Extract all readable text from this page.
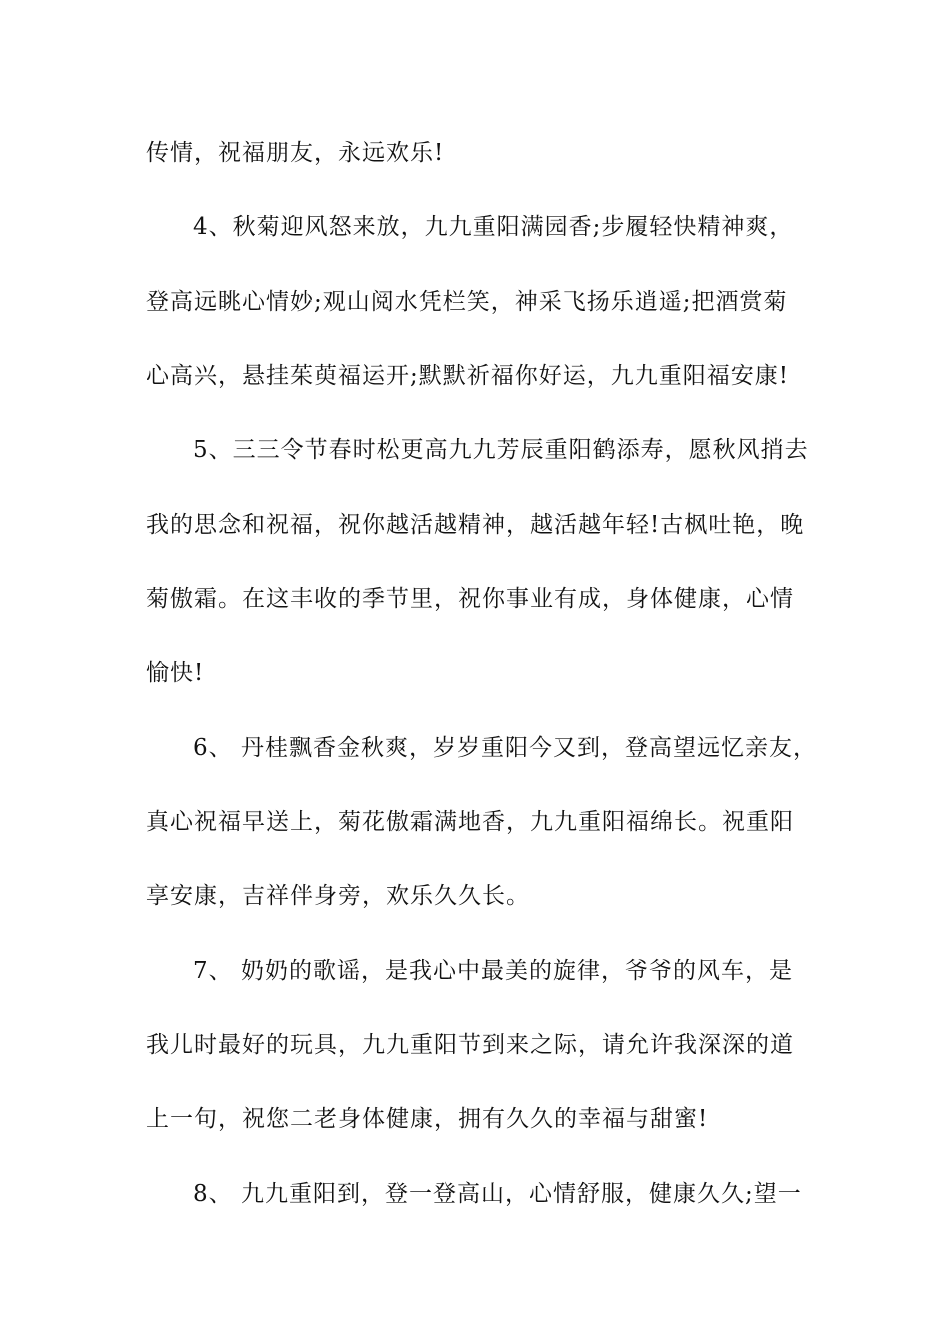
传情，祝福朋友，永远欢乐!
4、秋菊迎风怒来放，九九重阳满园香;步履轻快精神爽，
登高远眺心情妙;观山阅水凭栏笑，神采飞扬乐逍遥;把酒赏菊
心高兴，悬挂茱萸福运开;默默祈福你好运，九九重阳福安康!
5、三三令节春时松更高九九芳辰重阳鹤添寿，愿秋风捎去
我的思念和祝福，祝你越活越精神，越活越年轻!古枫吐艳，晚
菊傲霜。在这丰收的季节里，祝你事业有成，身体健康，心情
愉快!
6、 丹桂飘香金秋爽，岁岁重阳今又到，登高望远忆亲友，
真心祝福早送上，菊花傲霜满地香，九九重阳福绵长。祝重阳
享安康，吉祥伴身旁，欢乐久久长。
7、 奶奶的歌谣，是我心中最美的旋律，爷爷的风车，是
我儿时最好的玩具，九九重阳节到来之际，请允许我深深的道
上一句，祝您二老身体健康，拥有久久的幸福与甜蜜!
8、 九九重阳到，登一登高山，心情舒服，健康久久;望一
